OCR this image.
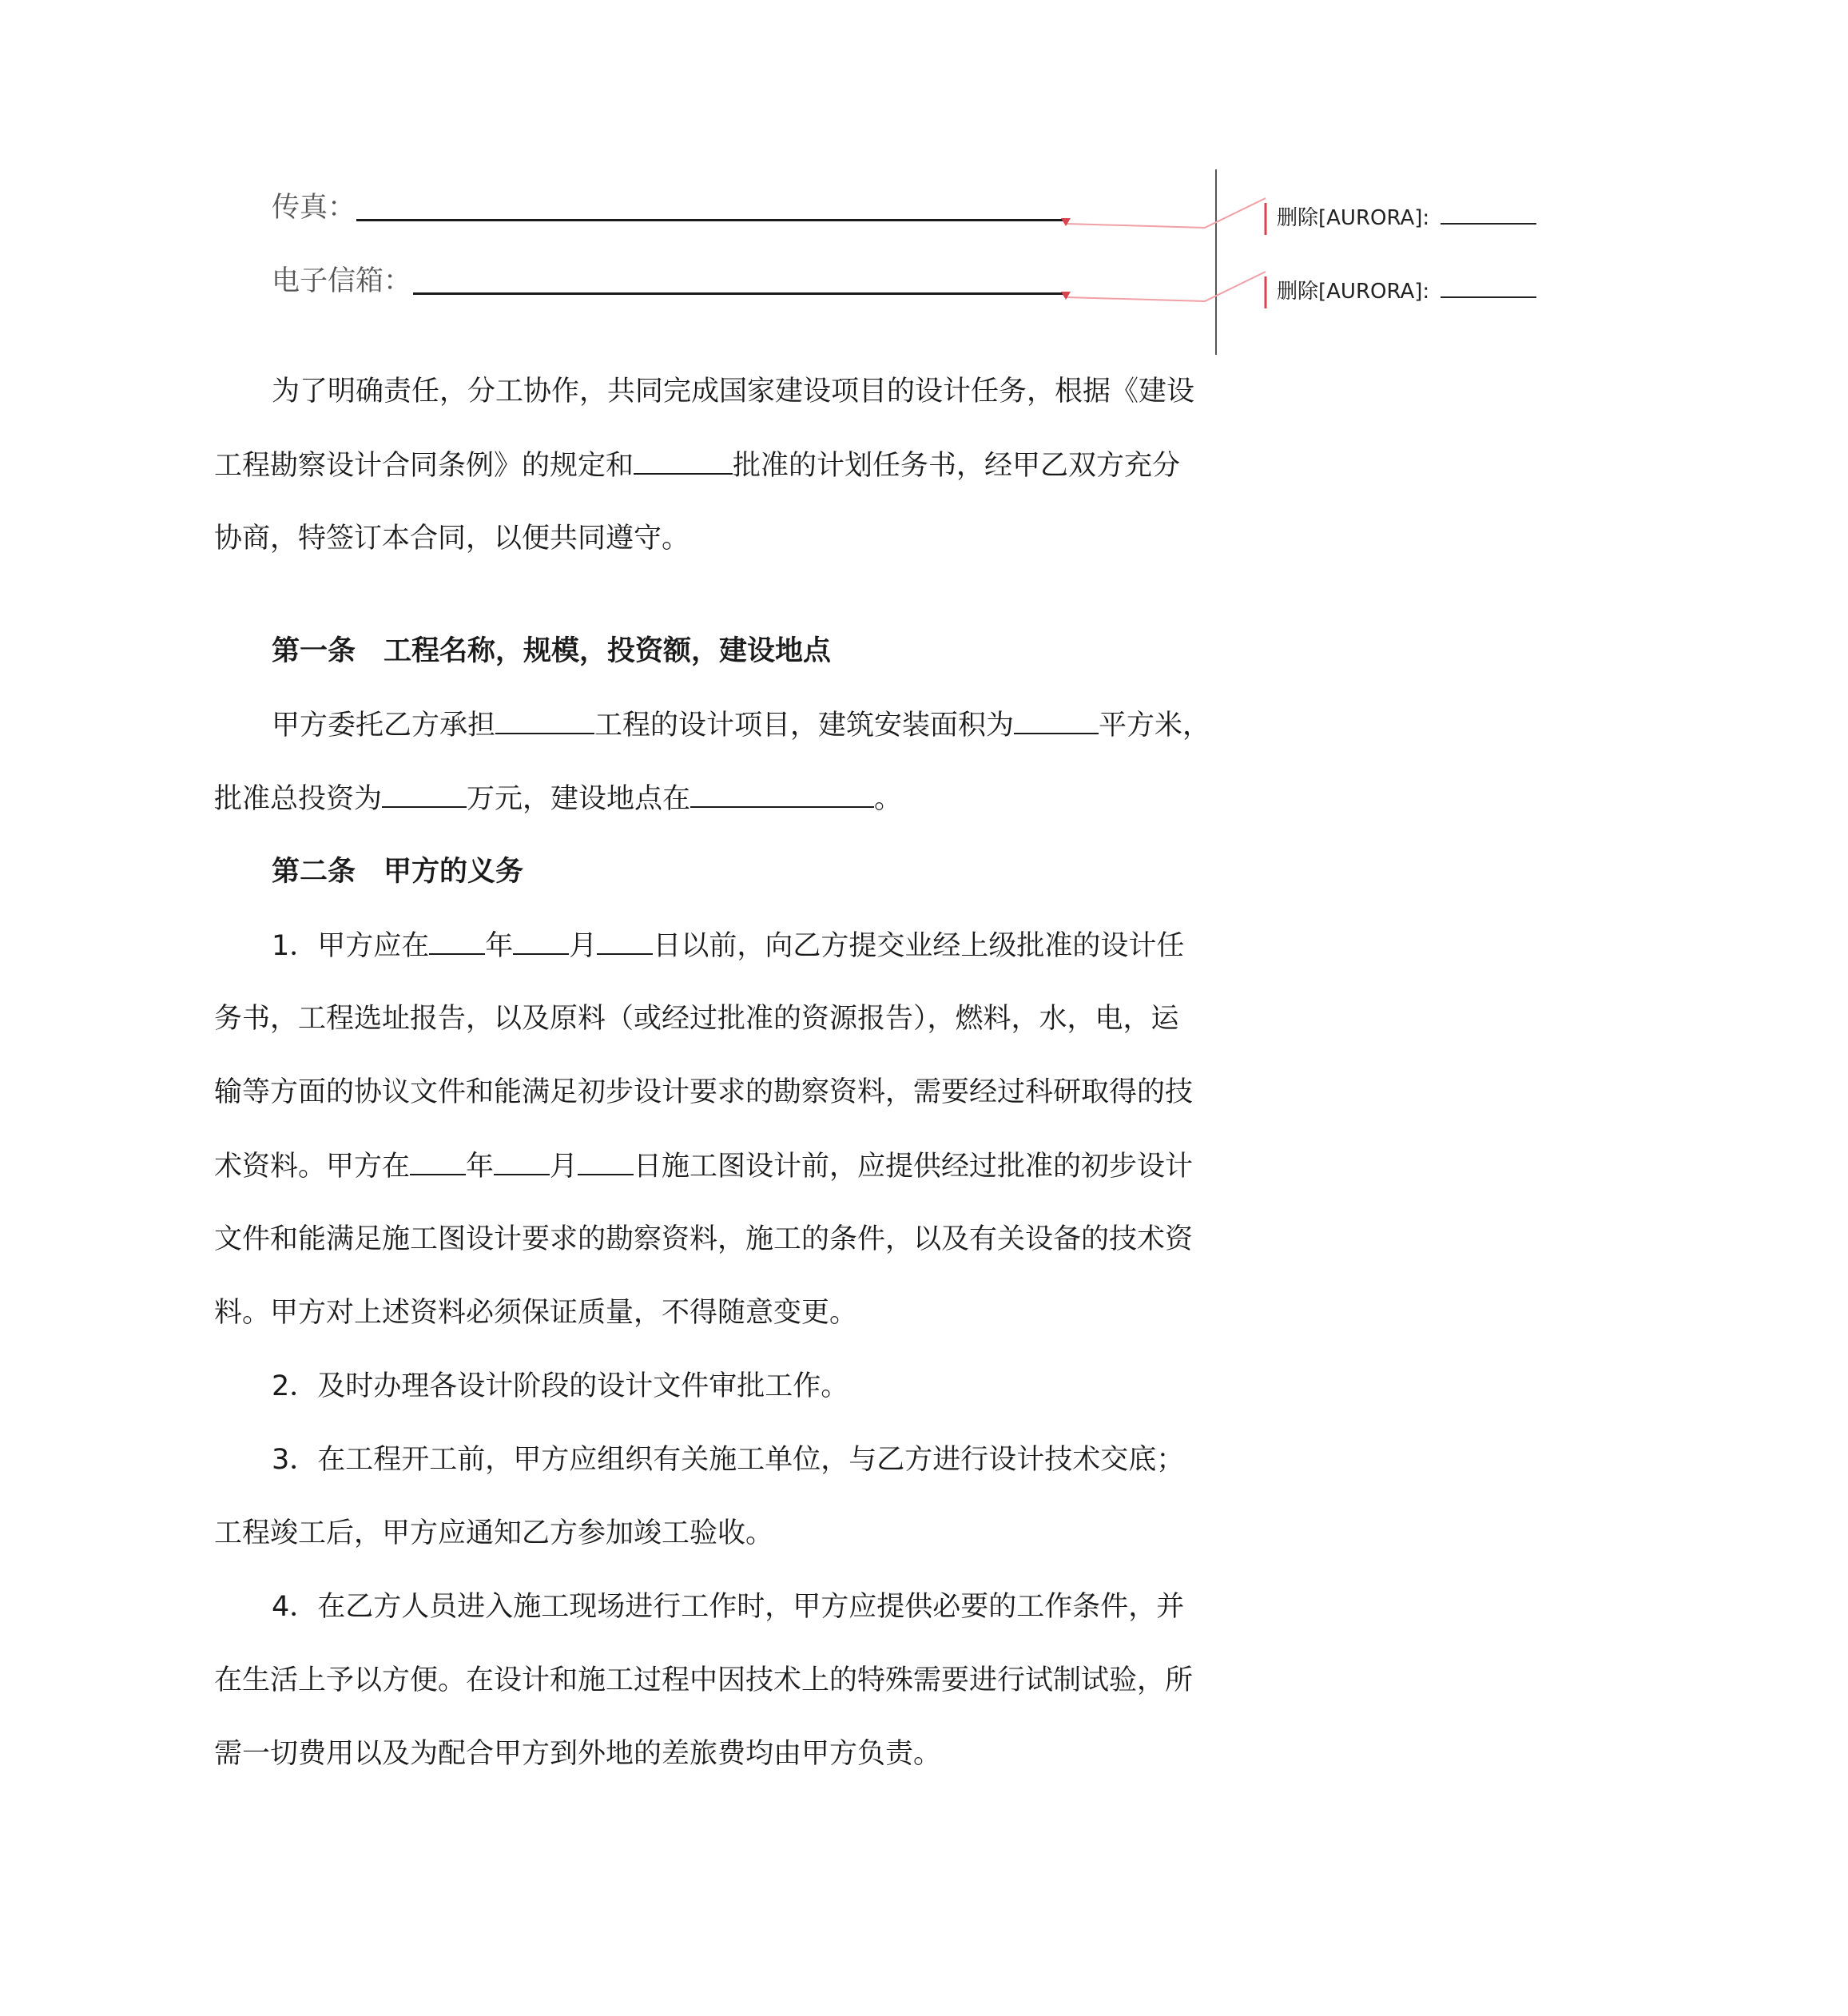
传真：
电子信箱：
删除[AURORA]:
删除[AURORA]:
为了明确责任，分工协作，共同完成国家建设项目的设计任务，根据《建设
工程勘察设计合同条例》的规定和	批准的计划任务书，经甲乙双方充分
协商，特签订本合同，以便共同遵守。
第一条　工程名称，规模，投资额，建设地点
甲方委托乙方承担	工程的设计项目，建筑安装面积为	平方米，
批准总投资为	万元，建设地点在	。
第二条　甲方的义务
1．甲方应在 年 月 日以前，向乙方提交业经上级批准的设计任
务书，工程选址报告，以及原料（或经过批准的资源报告），燃料，水，电，运
输等方面的协议文件和能满足初步设计要求的勘察资料，需要经过科研取得的技
术资料。甲方在 年 月 日施工图设计前，应提供经过批准的初步设计
文件和能满足施工图设计要求的勘察资料，施工的条件，以及有关设备的技术资
料。甲方对上述资料必须保证质量，不得随意变更。
2．及时办理各设计阶段的设计文件审批工作。
3．在工程开工前，甲方应组织有关施工单位，与乙方进行设计技术交底；
工程竣工后，甲方应通知乙方参加竣工验收。
4．在乙方人员进入施工现场进行工作时，甲方应提供必要的工作条件，并
在生活上予以方便。在设计和施工过程中因技术上的特殊需要进行试制试验，所
需一切费用以及为配合甲方到外地的差旅费均由甲方负责。
